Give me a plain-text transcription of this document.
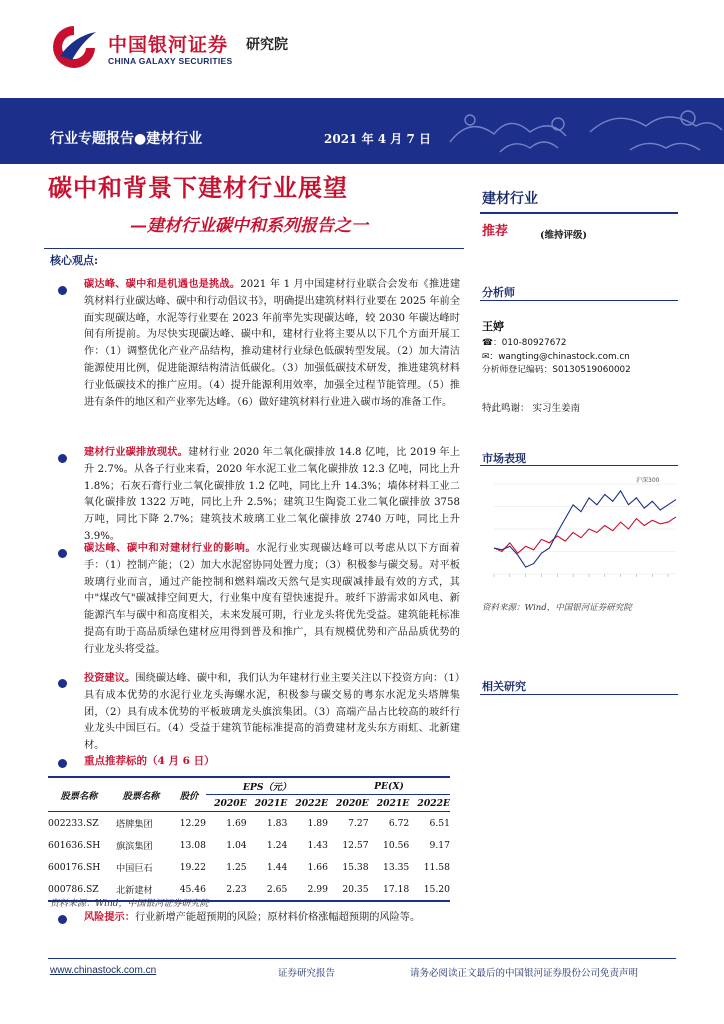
中国银河证券 研究院
CHINA GALAXY SECURITIES
行业专题报告●建材行业	2021 年 4 月 7 日
碳中和背景下建材行业展望
—建材行业碳中和系列报告之一
核心观点:
碳达峰、碳中和是机遇也是挑战。2021 年 1 月中国建材行业联合会发布《推进建筑材料行业碳达峰、碳中和行动倡议书》，明确提出建筑材料行业要在 2025 年前全面实现碳达峰，水泥等行业要在 2023 年前率先实现碳达峰，较 2030 年碳达峰时间有所提前。为尽快实现碳达峰、碳中和，建材行业将主要从以下几个方面开展工作：（1）调整优化产业产品结构，推动建材行业绿色低碳转型发展。（2）加大清洁能源使用比例，促进能源结构清洁低碳化。（3）加强低碳技术研发，推进建筑材料行业低碳技术的推广应用。（4）提升能源利用效率，加强全过程节能管理。（5）推进有条件的地区和产业率先达峰。（6）做好建筑材料行业进入碳市场的准备工作。
建材行业碳排放现状。建材行业 2020 年二氧化碳排放 14.8 亿吨，比 2019 年上升 2.7%。从各子行业来看，2020 年水泥工业二氧化碳排放 12.3 亿吨，同比上升 1.8%；石灰石膏行业二氧化碳排放 1.2 亿吨，同比上升 14.3%；墙体材料工业二氧化碳排放 1322 万吨，同比上升 2.5%；建筑卫生陶瓷工业二氧化碳排放 3758 万吨，同比下降 2.7%；建筑技术玻璃工业二氧化碳排放 2740 万吨，同比上升 3.9%。
碳达峰、碳中和对建材行业的影响。水泥行业实现碳达峰可以考虑从以下方面着手：（1）控制产能；（2）加大水泥窑协同处置力度；（3）积极参与碳交易。对平板玻璃行业而言，通过产能控制和燃料端改天然气是实现碳减排最有效的方式，其中"煤改气"碳减排空间更大，行业集中度有望快速提升。玻纤下游需求如风电、新能源汽车与碳中和高度相关，未来发展可期，行业龙头将优先受益。建筑能耗标准提高有助于高品质绿色建材应用得到普及和推广，具有规模优势和产品品质优势的行业龙头将受益。
投资建议。围绕碳达峰、碳中和，我们认为年建材行业主要关注以下投资方向：（1）具有成本优势的水泥行业龙头海螺水泥，积极参与碳交易的粤东水泥龙头塔牌集团，（2）具有成本优势的平板玻璃龙头旗滨集团。（3）高端产品占比较高的玻纤行业龙头中国巨石。（4）受益于建筑节能标准提高的消费建材龙头东方雨虹、北新建材。
重点推荐标的（4 月 6 日）
股票名称	股票名称	股价	EPS（元）			PE(X)		
			2020E	2021E	2022E	2020E	2021E	2022E
002233.SZ	塔牌集团	12.29	1.69	1.83	1.89	7.27	6.72	6.51
601636.SH	旗滨集团	13.08	1.04	1.24	1.43	12.57	10.56	9.17
600176.SH	中国巨石	19.22	1.25	1.44	1.66	15.38	13.35	11.58
000786.SZ	北新建材	45.46	2.23	2.65	2.99	20.35	17.18	15.20
资料来源：Wind，中国银河证券研究院
风险提示：行业新增产能超预期的风险；原材料价格涨幅超预期的风险等。
建材行业
推荐	(维持评级)
分析师
王婷
☎：010-80927672
✉：wangting@chinastock.com.cn
分析师登记编码：S0130519060002
特此鸣谢： 实习生姜南
市场表现
沪深300
资料来源：Wind，中国银河证券研究院
相关研究
www.chinastock.com.cn	证券研究报告	请务必阅读正文最后的中国银河证券股份公司免责声明
